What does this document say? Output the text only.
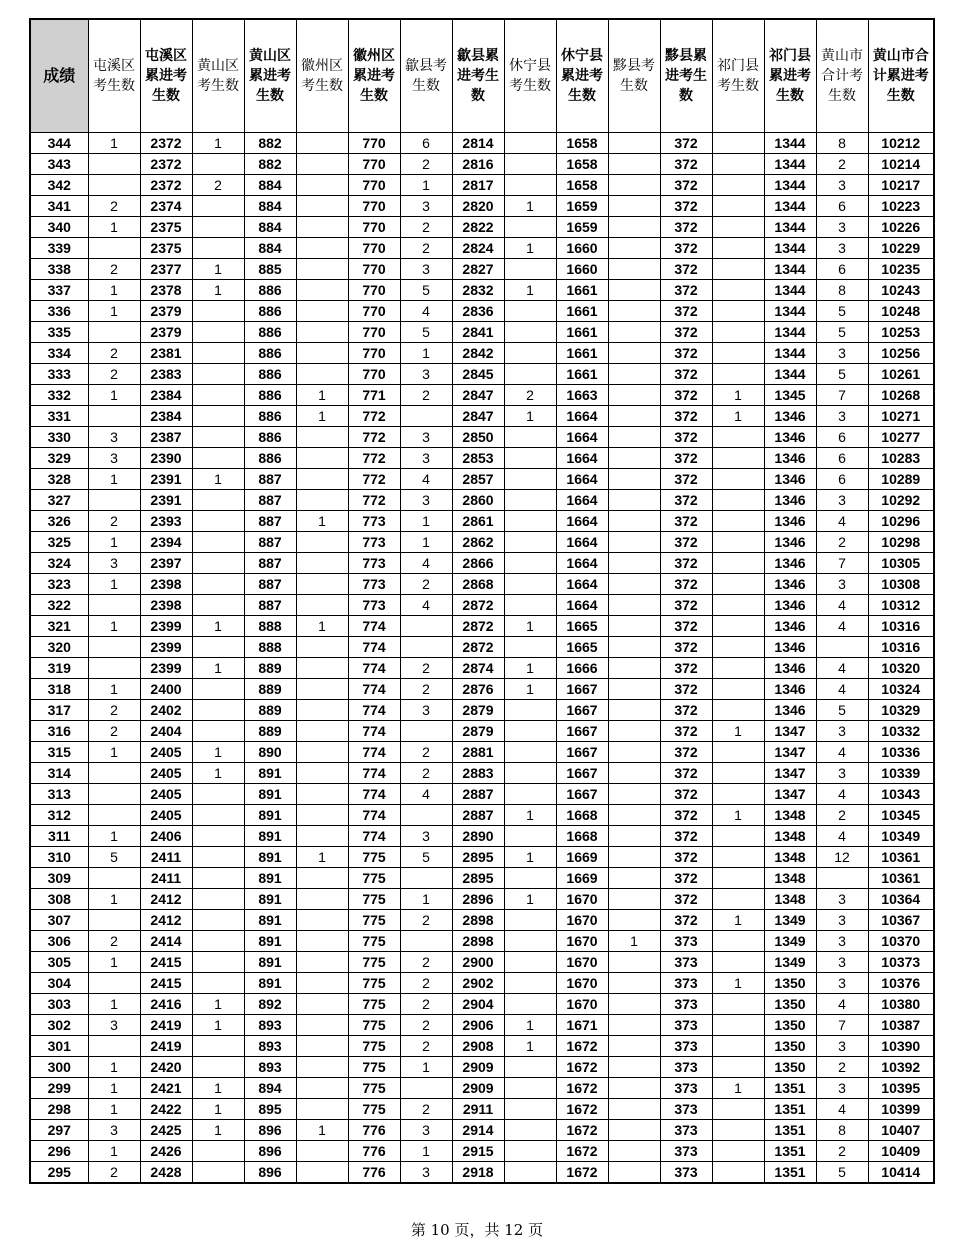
成绩	屯溪区考生数	屯溪区累进考生数	黄山区考生数	黄山区累进考生数	徽州区考生数	徽州区累进考生数	歙县考生数	歙县累进考生数	休宁县考生数	休宁县累进考生数	黟县考生数	黟县累进考生数	祁门县考生数	祁门县累进考生数	黄山市合计考生数	黄山市合计累进考生数
344	1	2372	1	882		770	6	2814		1658		372		1344	8	10212
343		2372		882		770	2	2816		1658		372		1344	2	10214
342		2372	2	884		770	1	2817		1658		372		1344	3	10217
341	2	2374		884		770	3	2820	1	1659		372		1344	6	10223
340	1	2375		884		770	2	2822		1659		372		1344	3	10226
339		2375		884		770	2	2824	1	1660		372		1344	3	10229
338	2	2377	1	885		770	3	2827		1660		372		1344	6	10235
337	1	2378	1	886		770	5	2832	1	1661		372		1344	8	10243
336	1	2379		886		770	4	2836		1661		372		1344	5	10248
335		2379		886		770	5	2841		1661		372		1344	5	10253
334	2	2381		886		770	1	2842		1661		372		1344	3	10256
333	2	2383		886		770	3	2845		1661		372		1344	5	10261
332	1	2384		886	1	771	2	2847	2	1663		372	1	1345	7	10268
331		2384		886	1	772		2847	1	1664		372	1	1346	3	10271
330	3	2387		886		772	3	2850		1664		372		1346	6	10277
329	3	2390		886		772	3	2853		1664		372		1346	6	10283
328	1	2391	1	887		772	4	2857		1664		372		1346	6	10289
327		2391		887		772	3	2860		1664		372		1346	3	10292
326	2	2393		887	1	773	1	2861		1664		372		1346	4	10296
325	1	2394		887		773	1	2862		1664		372		1346	2	10298
324	3	2397		887		773	4	2866		1664		372		1346	7	10305
323	1	2398		887		773	2	2868		1664		372		1346	3	10308
322		2398		887		773	4	2872		1664		372		1346	4	10312
321	1	2399	1	888	1	774		2872	1	1665		372		1346	4	10316
320		2399		888		774		2872		1665		372		1346		10316
319		2399	1	889		774	2	2874	1	1666		372		1346	4	10320
318	1	2400		889		774	2	2876	1	1667		372		1346	4	10324
317	2	2402		889		774	3	2879		1667		372		1346	5	10329
316	2	2404		889		774		2879		1667		372	1	1347	3	10332
315	1	2405	1	890		774	2	2881		1667		372		1347	4	10336
314		2405	1	891		774	2	2883		1667		372		1347	3	10339
313		2405		891		774	4	2887		1667		372		1347	4	10343
312		2405		891		774		2887	1	1668		372	1	1348	2	10345
311	1	2406		891		774	3	2890		1668		372		1348	4	10349
310	5	2411		891	1	775	5	2895	1	1669		372		1348	12	10361
309		2411		891		775		2895		1669		372		1348		10361
308	1	2412		891		775	1	2896	1	1670		372		1348	3	10364
307		2412		891		775	2	2898		1670		372	1	1349	3	10367
306	2	2414		891		775		2898		1670	1	373		1349	3	10370
305	1	2415		891		775	2	2900		1670		373		1349	3	10373
304		2415		891		775	2	2902		1670		373	1	1350	3	10376
303	1	2416	1	892		775	2	2904		1670		373		1350	4	10380
302	3	2419	1	893		775	2	2906	1	1671		373		1350	7	10387
301		2419		893		775	2	2908	1	1672		373		1350	3	10390
300	1	2420		893		775	1	2909		1672		373		1350	2	10392
299	1	2421	1	894		775		2909		1672		373	1	1351	3	10395
298	1	2422	1	895		775	2	2911		1672		373		1351	4	10399
297	3	2425	1	896	1	776	3	2914		1672		373		1351	8	10407
296	1	2426		896		776	1	2915		1672		373		1351	2	10409
295	2	2428		896		776	3	2918		1672		373		1351	5	10414
第 10 页，共 12 页
